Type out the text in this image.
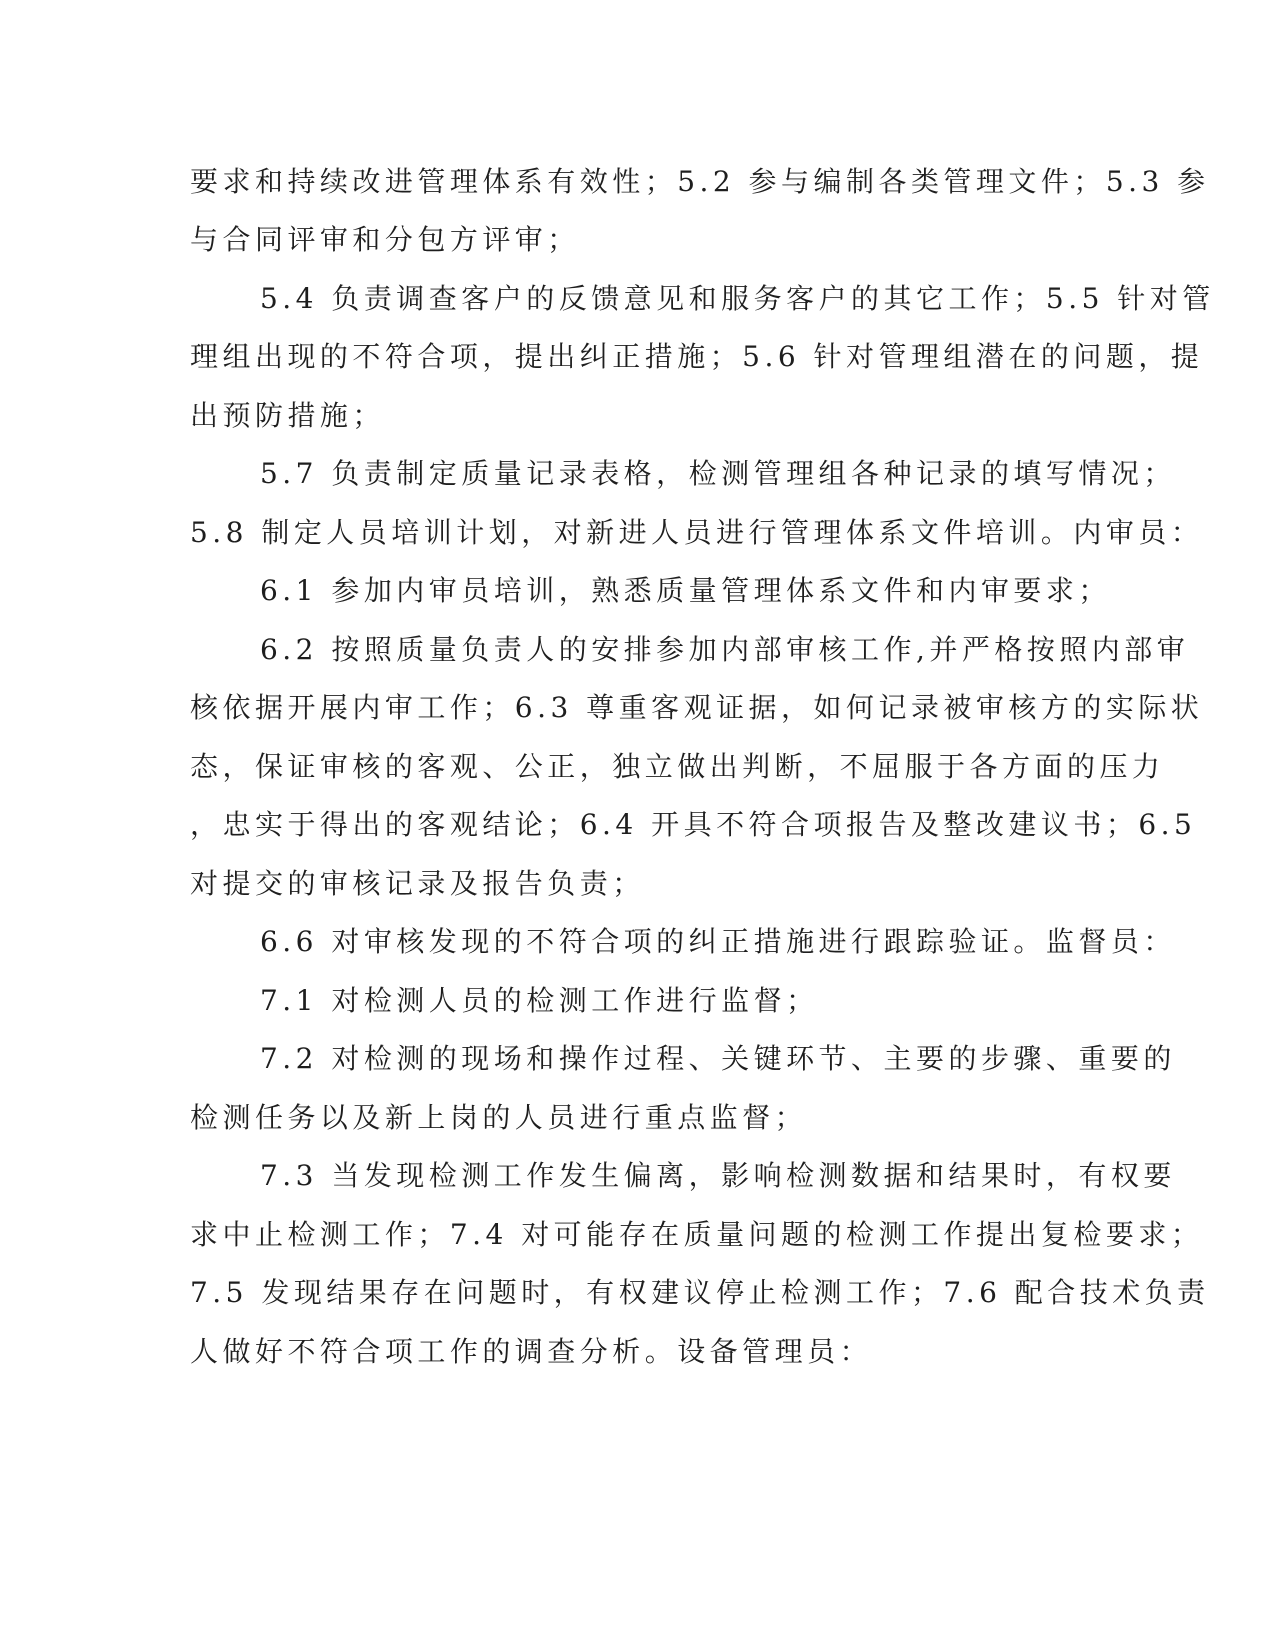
要求和持续改进管理体系有效性；5.2 参与编制各类管理文件；5.3 参
与合同评审和分包方评审；
5.4 负责调查客户的反馈意见和服务客户的其它工作；5.5 针对管
理组出现的不符合项，提出纠正措施；5.6 针对管理组潜在的问题，提
出预防措施；
5.7 负责制定质量记录表格，检测管理组各种记录的填写情况；
5.8 制定人员培训计划，对新进人员进行管理体系文件培训。内审员：
6.1 参加内审员培训，熟悉质量管理体系文件和内审要求；
6.2 按照质量负责人的安排参加内部审核工作,并严格按照内部审
核依据开展内审工作；6.3 尊重客观证据，如何记录被审核方的实际状
态，保证审核的客观、公正，独立做出判断，不屈服于各方面的压力
，忠实于得出的客观结论；6.4 开具不符合项报告及整改建议书；6.5
对提交的审核记录及报告负责；
6.6 对审核发现的不符合项的纠正措施进行跟踪验证。监督员：
7.1 对检测人员的检测工作进行监督；
7.2 对检测的现场和操作过程、关键环节、主要的步骤、重要的
检测任务以及新上岗的人员进行重点监督；
7.3 当发现检测工作发生偏离，影响检测数据和结果时，有权要
求中止检测工作；7.4 对可能存在质量问题的检测工作提出复检要求；
7.5 发现结果存在问题时，有权建议停止检测工作；7.6 配合技术负责
人做好不符合项工作的调查分析。设备管理员：
